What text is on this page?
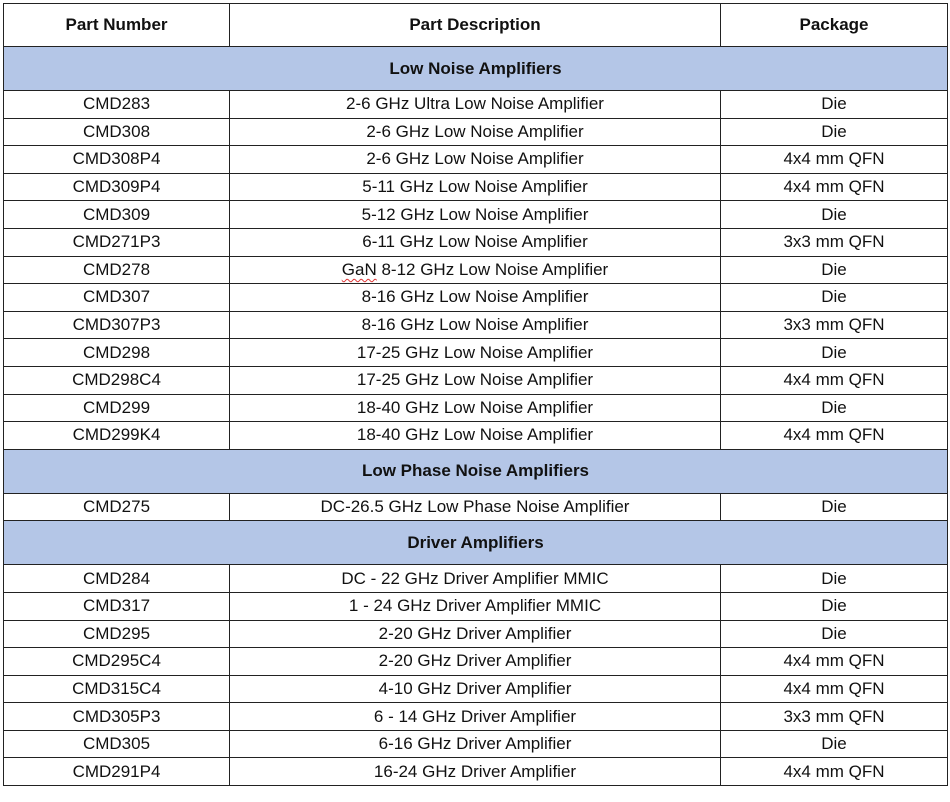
Part Number	Part Description	Package
Low Noise Amplifiers		
CMD283	2-6 GHz Ultra Low Noise Amplifier	Die
CMD308	2-6 GHz Low Noise Amplifier	Die
CMD308P4	2-6 GHz Low Noise Amplifier	4x4 mm QFN
CMD309P4	5-11 GHz Low Noise Amplifier	4x4 mm QFN
CMD309	5-12 GHz Low Noise Amplifier	Die
CMD271P3	6-11 GHz Low Noise Amplifier	3x3 mm QFN
CMD278	GaN 8-12 GHz Low Noise Amplifier	Die
CMD307	8-16 GHz Low Noise Amplifier	Die
CMD307P3	8-16 GHz Low Noise Amplifier	3x3 mm QFN
CMD298	17-25 GHz Low Noise Amplifier	Die
CMD298C4	17-25 GHz Low Noise Amplifier	4x4 mm QFN
CMD299	18-40 GHz Low Noise Amplifier	Die
CMD299K4	18-40 GHz Low Noise Amplifier	4x4 mm QFN
Low Phase Noise Amplifiers		
CMD275	DC-26.5 GHz Low Phase Noise Amplifier	Die
Driver Amplifiers		
CMD284	DC - 22 GHz Driver Amplifier MMIC	Die
CMD317	1 - 24 GHz Driver Amplifier MMIC	Die
CMD295	2-20 GHz Driver Amplifier	Die
CMD295C4	2-20 GHz Driver Amplifier	4x4 mm QFN
CMD315C4	4-10 GHz Driver Amplifier	4x4 mm QFN
CMD305P3	6 - 14 GHz Driver Amplifier	3x3 mm QFN
CMD305	6-16 GHz Driver Amplifier	Die
CMD291P4	16-24 GHz Driver Amplifier	4x4 mm QFN
